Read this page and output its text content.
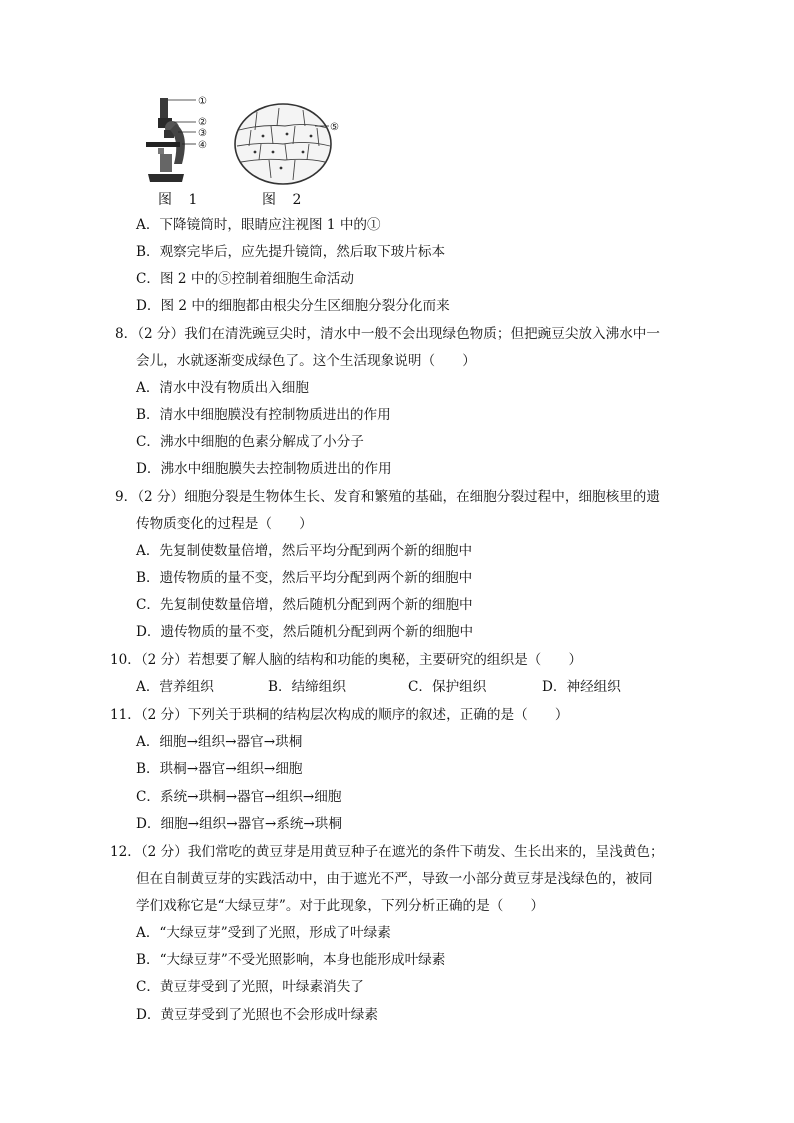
①
②
③
④
⑤
图 1	图 2
A．下降镜筒时，眼睛应注视图 1 中的①
B．观察完毕后，应先提升镜筒，然后取下玻片标本
C．图 2 中的⑤控制着细胞生命活动
D．图 2 中的细胞都由根尖分生区细胞分裂分化而来
8．（2 分）我们在清洗豌豆尖时，清水中一般不会出现绿色物质；但把豌豆尖放入沸水中一
会儿，水就逐渐变成绿色了。这个生活现象说明（　　）
A．清水中没有物质出入细胞
B．清水中细胞膜没有控制物质进出的作用
C．沸水中细胞的色素分解成了小分子
D．沸水中细胞膜失去控制物质进出的作用
9．（2 分）细胞分裂是生物体生长、发育和繁殖的基础，在细胞分裂过程中，细胞核里的遗
传物质变化的过程是（　　）
A．先复制使数量倍增，然后平均分配到两个新的细胞中
B．遗传物质的量不变，然后平均分配到两个新的细胞中
C．先复制使数量倍增，然后随机分配到两个新的细胞中
D．遗传物质的量不变，然后随机分配到两个新的细胞中
10．（2 分）若想要了解人脑的结构和功能的奥秘，主要研究的组织是（　　）
A．营养组织	B．结缔组织	C．保护组织	D．神经组织
11．（2 分）下列关于珙桐的结构层次构成的顺序的叙述，正确的是（　　）
A．细胞→组织→器官→珙桐
B．珙桐→器官→组织→细胞
C．系统→珙桐→器官→组织→细胞
D．细胞→组织→器官→系统→珙桐
12．（2 分）我们常吃的黄豆芽是用黄豆种子在遮光的条件下萌发、生长出来的，呈浅黄色；
但在自制黄豆芽的实践活动中，由于遮光不严，导致一小部分黄豆芽是浅绿色的，被同
学们戏称它是“大绿豆芽”。对于此现象，下列分析正确的是（　　）
A．“大绿豆芽”受到了光照，形成了叶绿素
B．“大绿豆芽”不受光照影响，本身也能形成叶绿素
C．黄豆芽受到了光照，叶绿素消失了
D．黄豆芽受到了光照也不会形成叶绿素
